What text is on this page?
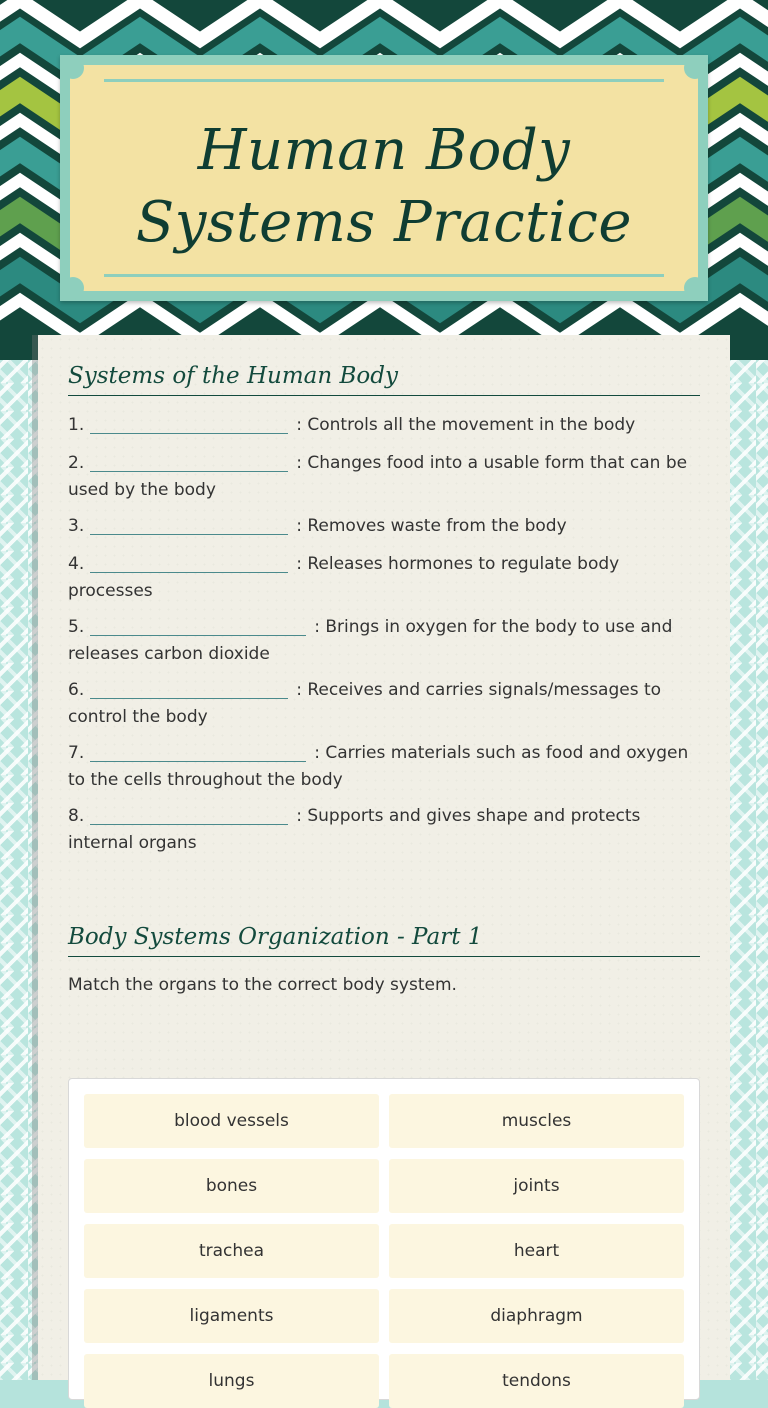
Human Body
Systems Practice
Systems of the Human Body
1.	: Controls all the movement in the body
2.	: Changes food into a usable form that can be used by the body
3.	: Removes waste from the body
4.	: Releases hormones to regulate body processes
5.	: Brings in oxygen for the body to use and releases carbon dioxide
6.	: Receives and carries signals/messages to control the body
7.	: Carries materials such as food and oxygen to the cells throughout the body
8.	: Supports and gives shape and protects internal organs
Body Systems Organization - Part 1
Match the organs to the correct body system.
blood vessels	muscles
bones	joints
trachea	heart
ligaments	diaphragm
lungs	tendons
